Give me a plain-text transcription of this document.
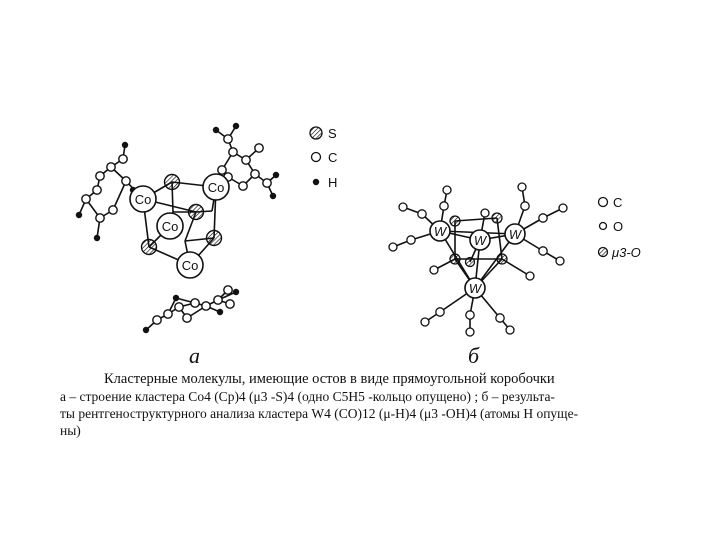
Co
Co
Co
Co
S
C
H
a
W
W W
W
C
O
μ3-O
б
Кластерные молекулы, имеющие остов в виде прямоугольной коробочки
а – строение кластера Co4 (Cp)4 (μ3 -S)4 (одно C5H5 -кольцо опущено) ; б – результа-
ты рентгеноструктурного анализа кластера W4 (CO)12 (μ-H)4 (μ3 -OH)4 (атомы H опуще-
ны)
